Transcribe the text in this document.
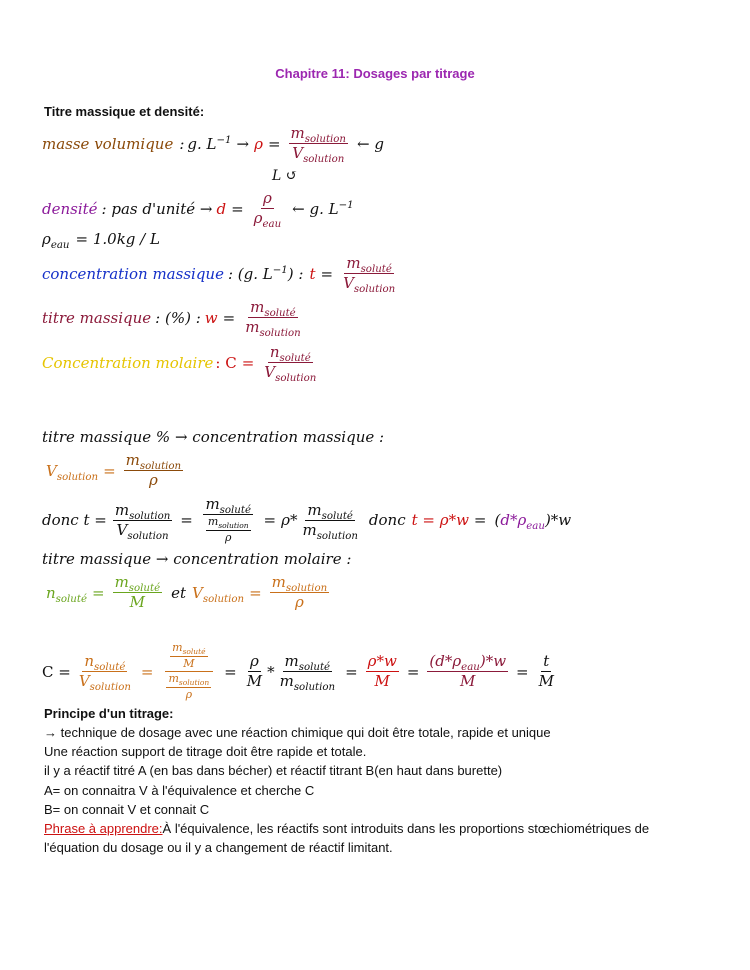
Chapitre 11: Dosages par titrage
Titre massique et densité:
masse volumique : g. $L^{-1} \to \rho = \frac{m_{solution}}{V_{solution}}$ ← g
L ↺
densité : pas d'unité → $d = \frac{\rho}{\rho_{eau}}$ ← g. $L^{-1}$
$\rho_{eau} = 1.0kg / L$
concentration massique : (g. $L^{-1}$) : $t = \frac{m_{soluté}}{V_{solution}}$
titre massique : (%) : $w = \frac{m_{soluté}}{m_{solution}}$
Concentration molaire : $C = \frac{n_{soluté}}{V_{solution}}$
titre massique % → concentration massique :
$V_{solution} = \frac{m_{solution}}{\rho}$
donc $t = \frac{m_{solution}}{V_{solution}} = \frac{m_{soluté}}{\frac{m_{solution}}{\rho}} = \rho* \frac{m_{soluté}}{m_{solution}}$ donc $t = \rho*w = (d*\rho_{eau})*w$
titre massique → concentration molaire :
$n_{soluté} = \frac{m_{soluté}}{M}$ et $V_{solution} = \frac{m_{solution}}{\rho}$
$C = \frac{n_{soluté}}{V_{solution}} = \frac{\frac{m_{soluté}}{M}}{\frac{m_{solution}}{\rho}} = \frac{\rho}{M} * \frac{m_{soluté}}{m_{solution}} = \frac{\rho*w}{M} = \frac{(d*\rho_{eau})*w}{M} = \frac{t}{M}$
Principe d'un titrage:
→ technique de dosage avec une réaction chimique qui doit être totale, rapide et unique
Une réaction support de titrage doit être rapide et totale.
il y a réactif titré A (en bas dans bécher) et réactif titrant B(en haut dans burette)
A= on connaitra V à l'équivalence et cherche C
B= on connait V et connait C
Phrase à apprendre:À l'équivalence, les réactifs sont introduits dans les proportions stœchiométriques de
l'équation du dosage ou il y a changement de réactif limitant.
